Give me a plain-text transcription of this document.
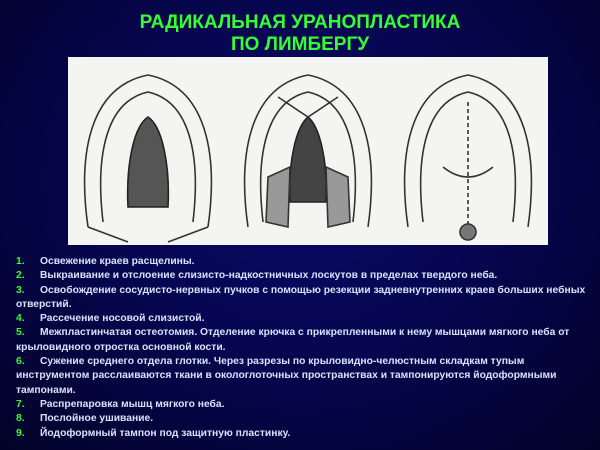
РАДИКАЛЬНАЯ УРАНОПЛАСТИКА
ПО ЛИМБЕРГУ
1. Освежение краев расщелины.
2. Выкраивание и отслоение слизисто-надкостничных лоскутов в пределах твердого неба.
3. Освобождение сосудисто-нервных пучков с помощью резекции задневнутренних краев больших небных отверстий.
4. Рассечение носовой слизистой.
5. Межпластинчатая остеотомия. Отделение крючка с прикрепленными к нему мышцами мягкого неба от крыловидного отростка основной кости.
6. Сужение среднего отдела глотки. Через разрезы по крыловидно-челюстным складкам тупым инструментом расслаиваются ткани в окологлоточных пространствах и тампонируются йодоформными тампонами.
7. Распрепаровка мышц мягкого неба.
8. Послойное ушивание.
9. Йодоформный тампон под защитную пластинку.
